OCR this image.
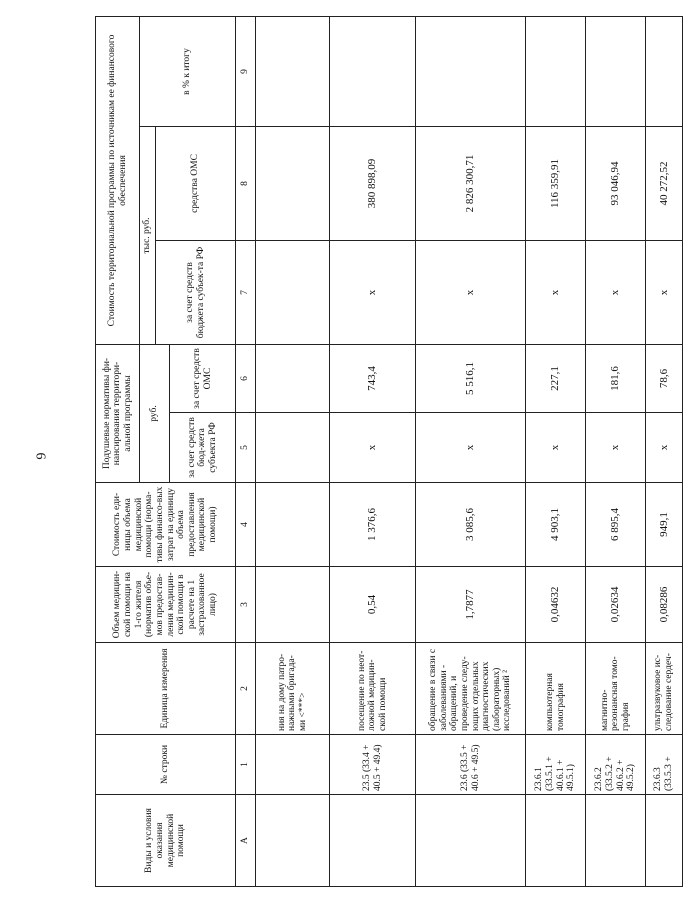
6
Виды и условия оказания медицинской помощи	№ строки	Единица измерения	Объем медицин-ской помощи на 1-го жителя (норматив объе-мов предостав-ления медицин-ской помощи в расчете на 1 застрахованное лицо)	Стоимость еди-ницы объема медицинской помощи (норма-тивы финансо-вых затрат на единицу объема предоставления медицинской помощи)	Подушевые нормативы фи-нансирования территори-альной программы		Стоимость территориальной программы по источникам ее финансового обеспечения		
					руб.		тыс. руб.		в % к итогу
							за счет средств бюджета субъек-та РФ	средства ОМС	
					за счет средств бюд-жета субъекта РФ	за счет средств ОМС			
А	1	2	3	4	5	6	7	8	9
		ния на дому патро-нажными бригада-ми <***>							
	23.5 (33.4 + 40.5 + 49.4)	посещение по неот-ложной медицин-ской помощи	0,54	1 376,6	х	743,4	х	380 898,09	
	23.6 (33.5 + 40.6 + 49.5)	обращение в связи с заболеваниями - обращений, и проведение следу-ющих отдельных диагностических (лабораторных) исследований ²	1,7877	3 085,6	х	5 516,1	х	2 826 300,71	
	23.6.1 (33.5.1 + 40.6.1 + 49.5.1)	компьютерная томография	0,04632	4 903,1	х	227,1	х	116 359,91	
	23.6.2 (33.5.2 + 40.6.2 + 49.5.2)	магнитно-резонансная томо-графия	0,02634	6 895,4	х	181,6	х	93 046,94	
	23.6.3 (33.5.3 +	ультразвуковое ис-следование сердеч-	0,08286	949,1	х	78,6	х	40 272,52	
